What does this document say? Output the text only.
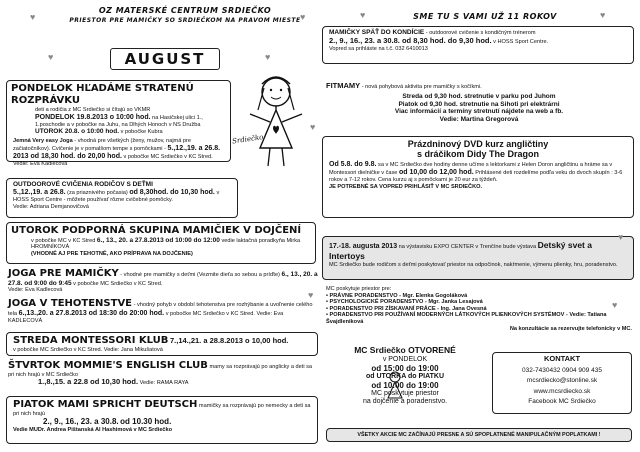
OZ MATERSKÉ CENTRUM SRDIEČKO
PRIESTOR PRE MAMIČKY SO SRDIEČKOM NA PRAVOM MIESTE
AUGUST
♥	♥
♥	♥
SME TU S VAMI UŽ 11 ROKOV
♥	♥
Srdiečko
PONDELOK HĽADÁME STRATENÚ ROZPRÁVKU
deti a rodičia z MC Srdiečko si čítajú so VKMR
PONDELOK 19.8.2013 o 10:00 hod. na Hasičskej ulici 1., 1.poschodie a v pobočke na Juhu, na Dlhých Honoch v NS Družba UTOROK 20.8. o 10:00 hod. v pobočke Kubra
Jemná Very easy Joga - vhodná pre všetkých (ženy, mužov, najmä pre začiatočníkov). Cvičenie je v pomalšom tempe s pomôckami - 5.,12.,19. a 26.8. 2013 od 18,30 hod. do 20,00 hod. v pobočke MC Srdiečko v KC Stred.
Vedie: Eva Kadlecová
OUTDOOROVÉ CVIČENIA RODIČOV S DEŤMI
5.,12.,19. a 26.8. (za priaznivého počasia) od 8,30hod. do 10,30 hod. v HOSS Sport Centre - môžete používať rôzne cvičebné pomôcky.
Vedie: Adriana Demjanovičová
UTOROK PODPORNÁ SKUPINA MAMIČIEK V DOJČENÍ
v pobočke MC v KC Stred 6., 13., 20. a 27.8.2013 od 10:00 do 12:00 vedie laktačná poradkyňa Mirka HROMNÍKOVÁ
(VHODNÉ AJ PRE TEHOTNÉ, AKO PRÍPRAVA NA DOJČENIE)
JOGA PRE MAMIČKY - vhodné pre mamičky s deťmi (Vezmite dieťa so sebou a príďte) 6., 13., 20. a 27.8. od 9:00 do 9:45 v pobočke MC Srdiečko v KC Stred.
Vedie: Eva Kadlecová
JOGA V TEHOTENSTVE - vhodný pohyb v období tehotenstva pre rozhýbanie a uvoľnenie celého tela 6.,13.,20. a 27.8.2013 od 18:30 do 20:00 hod. v pobočke MC Srdiečko v KC Stred. Vedie: Eva KADLECOVÁ
STREDA MONTESSORI KLUB 7.,14.,21. a 28.8.2013 o 10,00 hod.
v pobočke MC Srdiečko v KC Stred. Vedie: Jana Mikušatová
ŠTVRTOK MOMMIE'S ENGLISH CLUB mamy sa rozprávajú po anglicky a deti sa pri nich hrajú v MC Srdiečko
1.,8.,15. a 22.8 od 10,30 hod. Vedie: RAMA RAYA
PIATOK MAMI SPRICHT DEUTSCH mamičky sa rozprávajú po nemecky a deti sa pri nich hrajú
2., 9., 16., 23. a 30.8. od 10.30 hod.
Vedie MUDr. Andrea Pištanská Al Hashimová v MC Srdiečko
MAMIČKY SPÄŤ DO KONDÍCIE - outdoorové cvičenie s kondičným trénerom
2., 9., 16., 23. a 30.8. od 8,30 hod. do 9,30 hod. v HOSS Sport Centre.
Vopred sa prihláste na t.č. 032 6410013
FITMAMY - nová pohybová aktivita pre mamičky s kočíkmi.
Streda od 9,30 hod. stretnutie v parku pod Juhom
Piatok od 9,30 hod. stretnutie na Sihoti pri elektrárni
Viac informácií a termíny stretnutí nájdete na web a fb.
Vedie: Martina Gregorová
Prázdninový DVD kurz angličtiny
s dráčikom Didy The Dragon
Od 5.8. do 9.8. sa v MC Srdiečko dve hodiny denne učíme s lektorkami z Helen Doron angličtinu a hráme sa v Montessori dielničke v čase od 10,00 do 12,00 hod. Prihlásené deti rozdelíme podľa veku do dvoch skupín : 3-6 rokov a 7-12 rokov. Cena kurzu aj s pomôckami je 20 eur za týždeň.
JE POTREBNÉ SA VOPRED PRIHLÁSIŤ V MC SRDIEČKO.
17.-18. augusta 2013 na výstavisku EXPO CENTER v Trenčíne bude výstava Detský svet a Intertoys
MC Srdiečko bude rodičom s deťmi poskytovať priestor na odpočinok, nakŕmenie, výmenu plienky, hru, poradenstvo.
MC poskytuje priestor pre:
• PRÁVNE PORADENSTVO - Mgr. Elenka Gogoláková
• PSYCHOLOGICKÉ PORADENSTVO - Mgr. Janka Lesajová
• PORADENSTVO PRI ZÍSKAVANÍ PRÁCE - Ing. Jana Ovesná
• PORADENSTVO PRI POUŽÍVANÍ MODERNÝCH LÁTKOVÝCH PLIENKOVÝCH SYSTÉMOV - Vedie: Tatiana Švajdleniková
Na konzultácie sa rezervujte telefonicky v MC.
MC Srdiečko OTVORENÉ
v PONDELOK
od 15:00 do 19:00
od UTORKA do PIATKU
od 10:00 do 19:00
MC poskytuje priestor
na dojčenie a poradenstvo.
KONTAKT
032-7430432 0904 909 435
mcsrdiecko@stonline.sk
www.mcsrdiecko.sk
Facebook MC Srdiečko
VŠETKY AKCIE MC ZAČÍNAJÚ PRESNE A SÚ SPOPLATNENÉ MANIPULAČNÝM POPLATKAMI !
♥
♥
♥
♥
